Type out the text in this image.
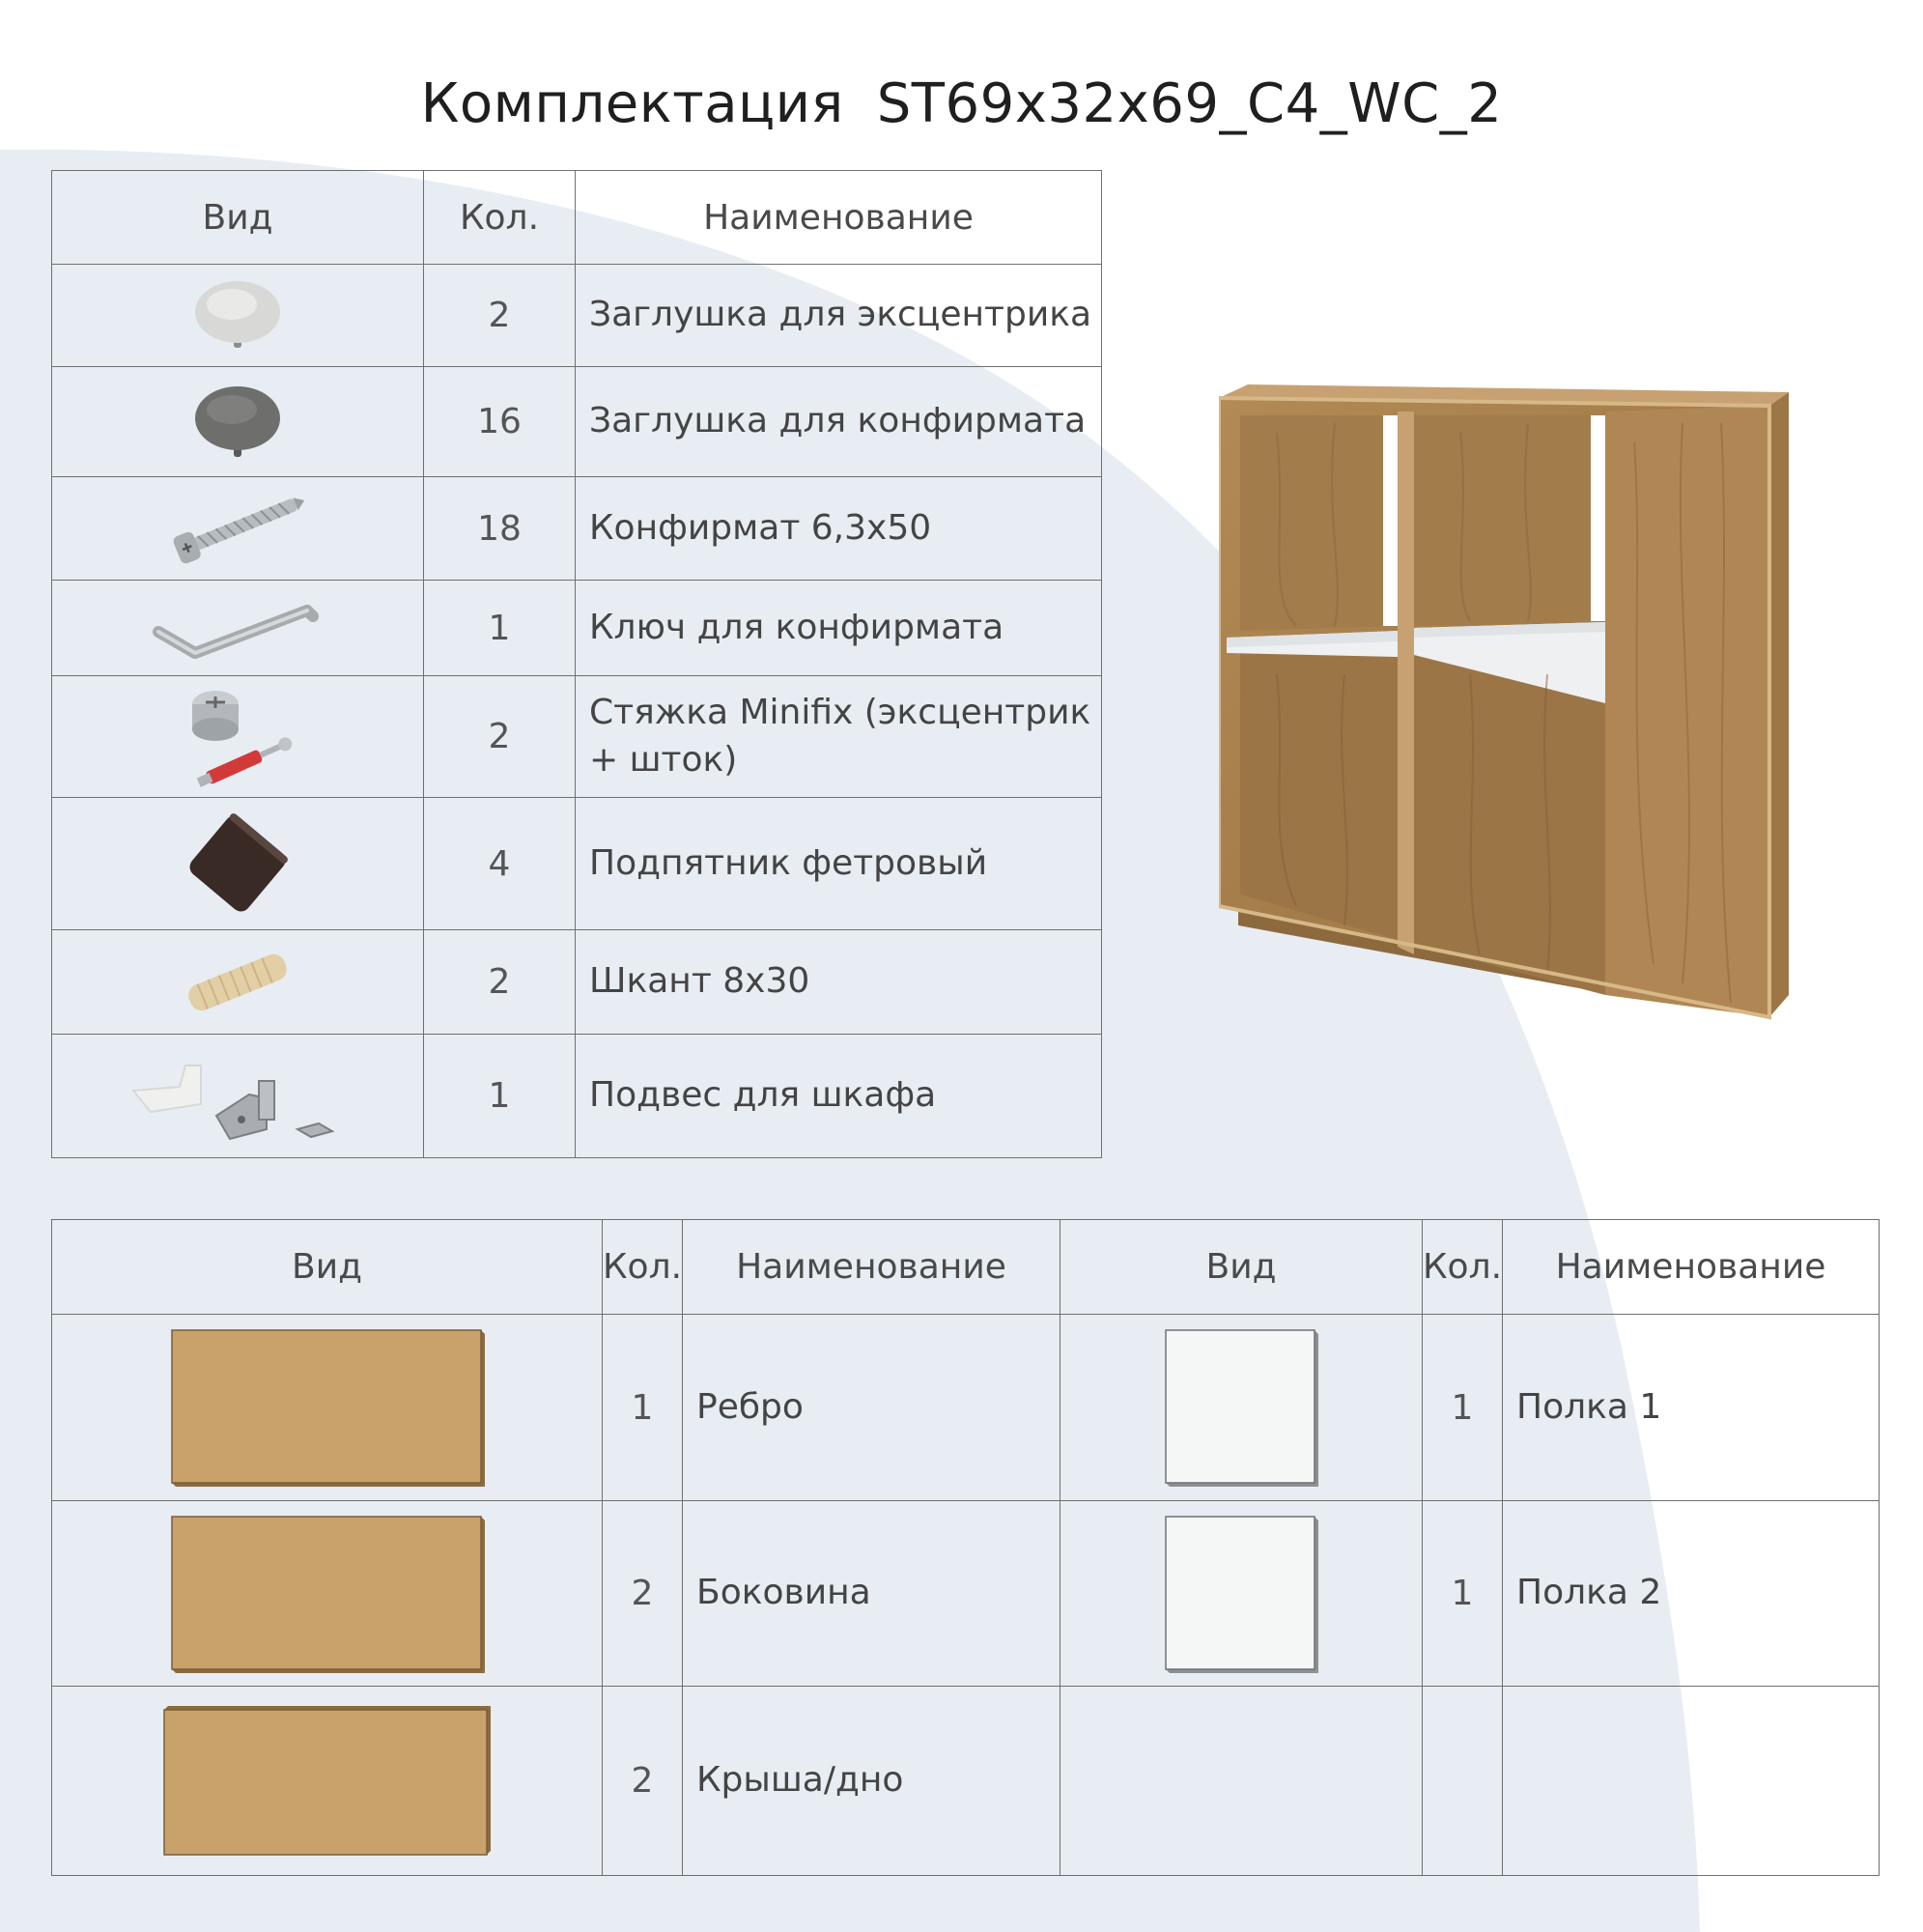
Комплектация ST69x32x69_C4_WC_2
Вид	Кол.	Наименование
	2	Заглушка для эксцентрика
	16	Заглушка для конфирмата
	18	Конфирмат 6,3x50
	1	Ключ для конфирмата
	2	Стяжка Minifix (эксцентрик + шток)
	4	Подпятник фетровый
	2	Шкант 8x30
	1	Подвес для шкафа
Вид	Кол.	Наименование	Вид	Кол.	Наименование
	1	Ребро		1	Полка 1
	2	Боковина		1	Полка 2
	2	Крыша/дно			
